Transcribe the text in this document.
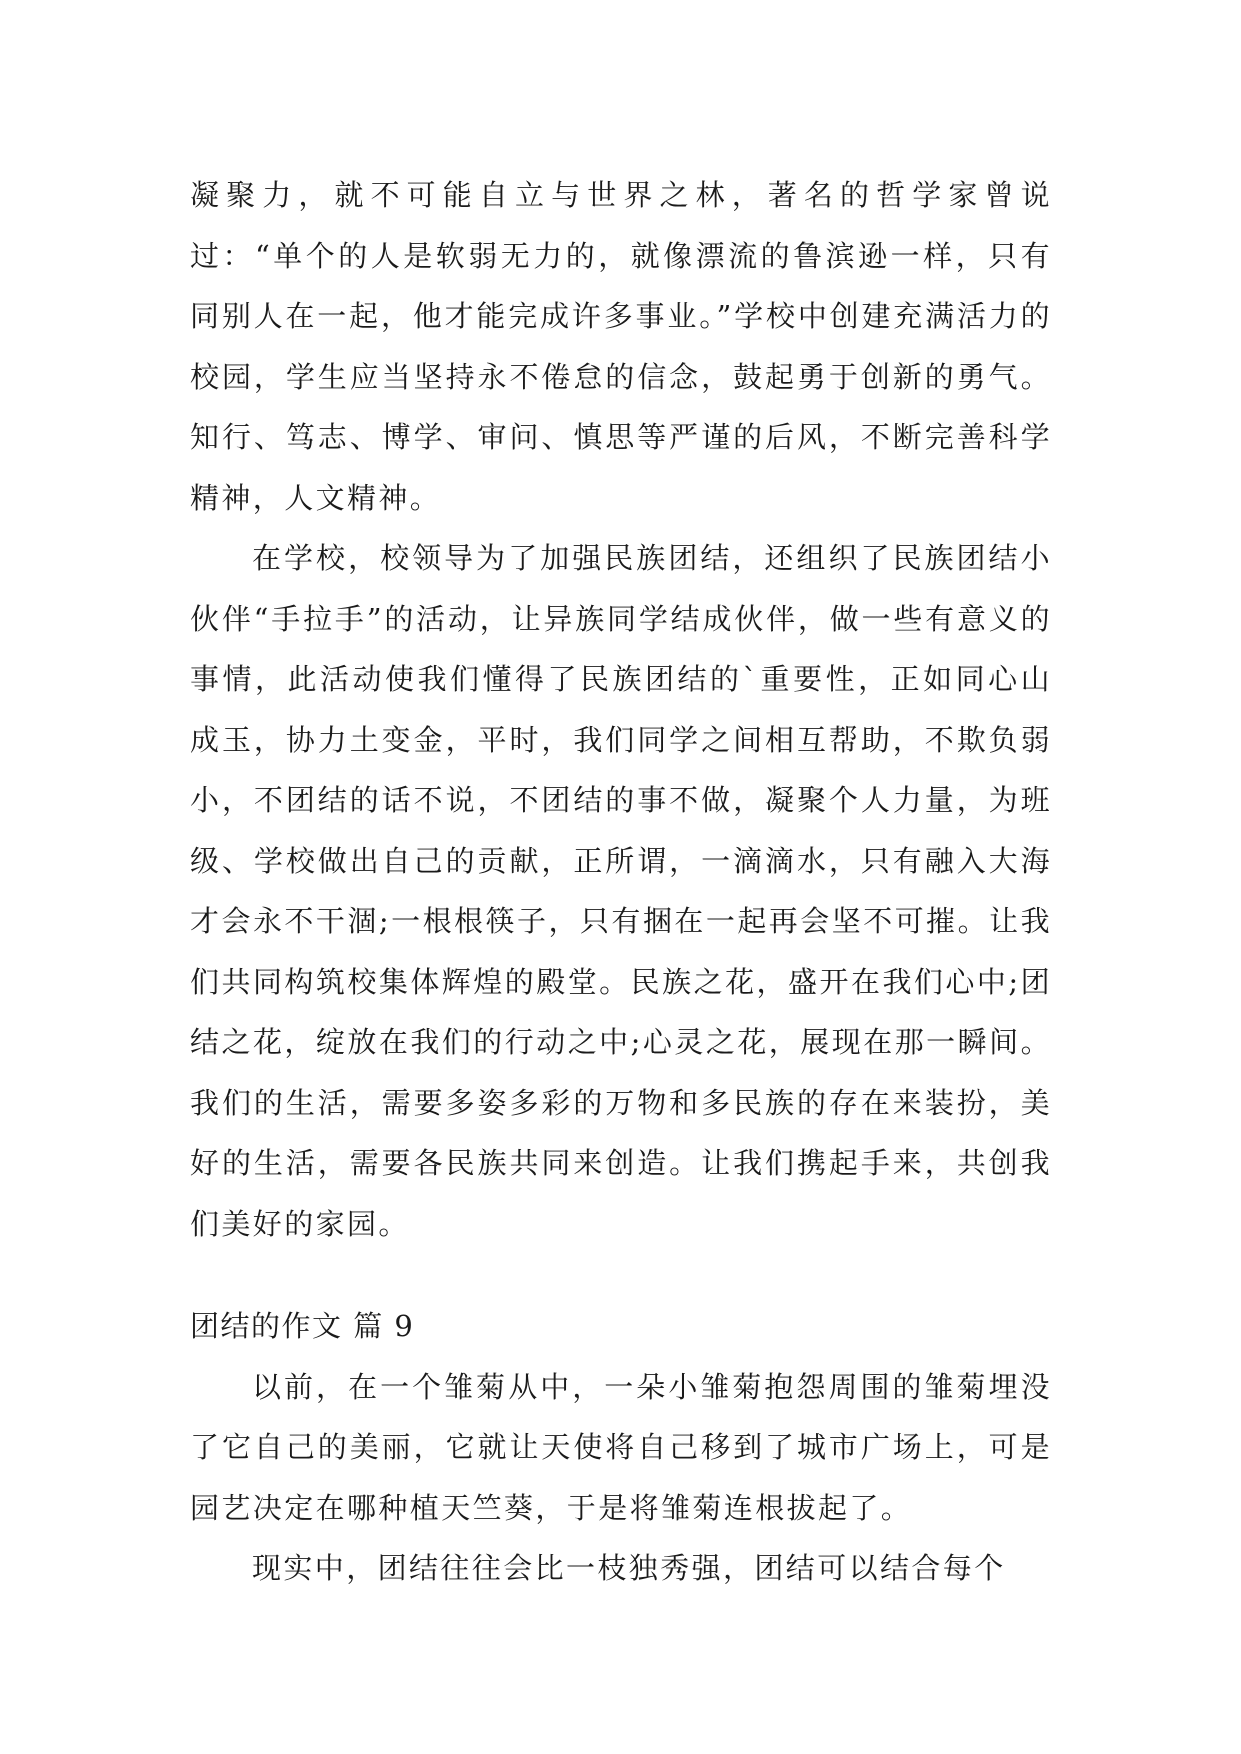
凝聚力，就不可能自立与世界之林，著名的哲学家曾说过：“单个的人是软弱无力的，就像漂流的鲁滨逊一样，只有同别人在一起，他才能完成许多事业。”学校中创建充满活力的校园，学生应当坚持永不倦怠的信念，鼓起勇于创新的勇气。知行、笃志、博学、审问、慎思等严谨的后风，不断完善科学精神，人文精神。

在学校，校领导为了加强民族团结，还组织了民族团结小伙伴“手拉手”的活动，让异族同学结成伙伴，做一些有意义的事情，此活动使我们懂得了民族团结的`重要性，正如同心山成玉，协力土变金，平时，我们同学之间相互帮助，不欺负弱小，不团结的话不说，不团结的事不做，凝聚个人力量，为班级、学校做出自己的贡献，正所谓，一滴滴水，只有融入大海才会永不干涸;一根根筷子，只有捆在一起再会坚不可摧。让我们共同构筑校集体辉煌的殿堂。民族之花，盛开在我们心中;团结之花，绽放在我们的行动之中;心灵之花，展现在那一瞬间。我们的生活，需要多姿多彩的万物和多民族的存在来装扮，美好的生活，需要各民族共同来创造。让我们携起手来，共创我们美好的家园。

团结的作文 篇 9

以前，在一个雏菊从中，一朵小雏菊抱怨周围的雏菊埋没了它自己的美丽，它就让天使将自己移到了城市广场上，可是园艺决定在哪种植天竺葵，于是将雏菊连根拔起了。

现实中，团结往往会比一枝独秀强，团结可以结合每个
